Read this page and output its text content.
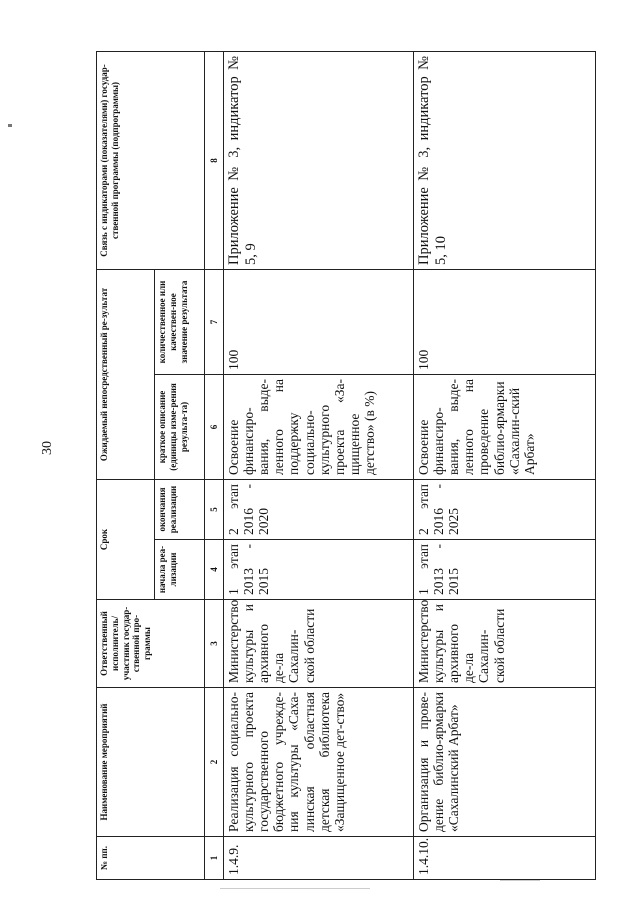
30
№ пп.	Наименование мероприятий	Ответственный исполнитель/ участник государ-ственной про-граммы	Срок		Ожидаемый непосредственный ре-зультат		Связь с индикаторами (показателями) государ-ственной программы (подпрограммы)
			начала реа-лизации	окончания реализации	краткое описание (единицы изме-рения результа-та)	количественное или качествен-ное значение результата	
1	2	3	4	5	6	7	8
1.4.9.	Реализация социально-культурного проекта государственного бюджетного учрежде-ния культуры «Саха-линская областная детская библиотека «Защищенное дет-ство»	Министерство культуры и архивного де-ла Сахалин-ской области	1 этап 2013 - 2015	2 этап 2016 - 2020	Освоение финансиро-вания, выде-ленного на поддержку социально-культурного проекта «За-щищенное детство» (в %)	100	Приложение № 3, индикатор № 5, 9
1.4.10.	Организация и прове-дение библио-ярмарки «Сахалинский Арбат»	Министерство культуры и архивного де-ла Сахалин-ской области	1 этап 2013 - 2015	2 этап 2016 - 2025	Освоение финансиро-вания, выде-ленного на проведение библио-ярмарки «Сахалин-ский Арбат»	100	Приложение № 3, индикатор № 5, 10
